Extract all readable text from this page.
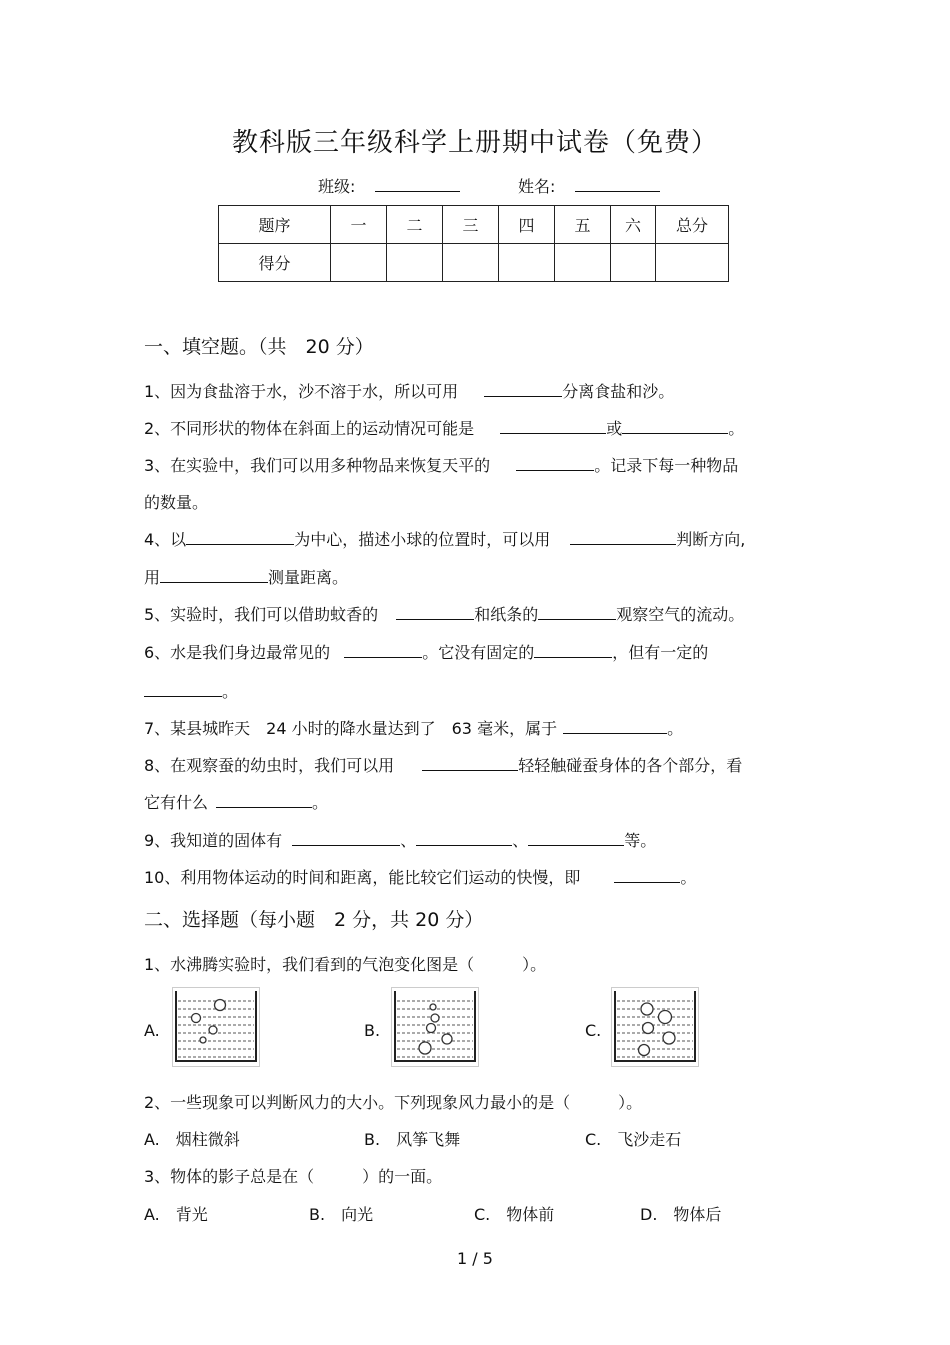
教科版三年级科学上册期中试卷（免费）
班级:	姓名:
题序	一	二	三	四	五	六	总分
得分							
一、填空题。（共　20 分）
1、因为食盐溶于水，沙不溶于水，所以可用	分离食盐和沙。
2、不同形状的物体在斜面上的运动情况可能是	或	。
3、在实验中，我们可以用多种物品来恢复天平的	。记录下每一种物品
的数量。
4、以	为中心，描述小球的位置时，可以用	判断方向,
用	测量距离。
5、实验时，我们可以借助蚊香的	和纸条的	观察空气的流动。
6、水是我们身边最常见的	。它没有固定的	，但有一定的
。
7、某县城昨天　24 小时的降水量达到了　63 毫米，属于	。
8、在观察蚕的幼虫时，我们可以用	轻轻触碰蚕身体的各个部分，看
它有什么	。
9、我知道的固体有	、	、	等。
10、利用物体运动的时间和距离，能比较它们运动的快慢，即	。
二、选择题（每小题　2 分，共 20 分）
1、水沸腾实验时，我们看到的气泡变化图是（　　　）。
A.	B.	C.
2、一些现象可以判断风力的大小。下列现象风力最小的是（　　　）。
A.　烟柱微斜	B.　风筝飞舞	C.　飞沙走石
3、物体的影子总是在（　　　）的一面。
A.　背光	B.　向光	C.　物体前	D.　物体后
1 / 5
